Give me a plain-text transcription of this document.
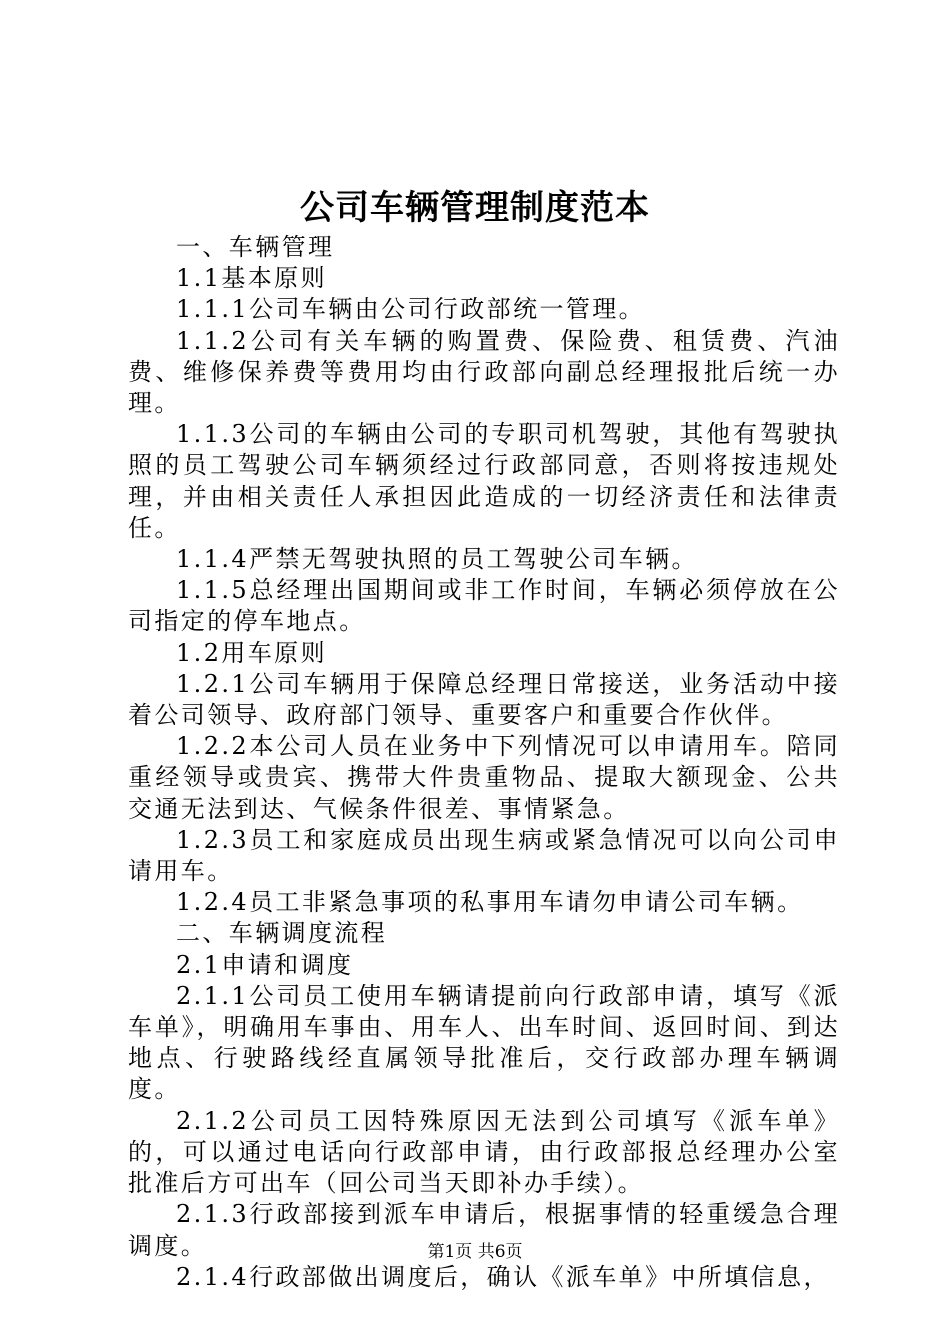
公司车辆管理制度范本

一、车辆管理

1.1基本原则

1.1.1公司车辆由公司行政部统一管理。

1.1.2公司有关车辆的购置费、保险费、租赁费、汽油费、维修保养费等费用均由行政部向副总经理报批后统一办理。

1.1.3公司的车辆由公司的专职司机驾驶，其他有驾驶执照的员工驾驶公司车辆须经过行政部同意，否则将按违规处理，并由相关责任人承担因此造成的一切经济责任和法律责任。

1.1.4严禁无驾驶执照的员工驾驶公司车辆。

1.1.5总经理出国期间或非工作时间，车辆必须停放在公司指定的停车地点。

1.2用车原则

1.2.1公司车辆用于保障总经理日常接送，业务活动中接着公司领导、政府部门领导、重要客户和重要合作伙伴。

1.2.2本公司人员在业务中下列情况可以申请用车。陪同重经领导或贵宾、携带大件贵重物品、提取大额现金、公共交通无法到达、气候条件很差、事情紧急。

1.2.3员工和家庭成员出现生病或紧急情况可以向公司申请用车。

1.2.4员工非紧急事项的私事用车请勿申请公司车辆。

二、车辆调度流程

2.1申请和调度

2.1.1公司员工使用车辆请提前向行政部申请，填写《派车单》，明确用车事由、用车人、出车时间、返回时间、到达地点、行驶路线经直属领导批准后，交行政部办理车辆调度。

2.1.2公司员工因特殊原因无法到公司填写《派车单》的，可以通过电话向行政部申请，由行政部报总经理办公室批准后方可出车（回公司当天即补办手续）。

2.1.3行政部接到派车申请后，根据事情的轻重缓急合理调度。

2.1.4行政部做出调度后，确认《派车单》中所填信息，

第1页 共6页
